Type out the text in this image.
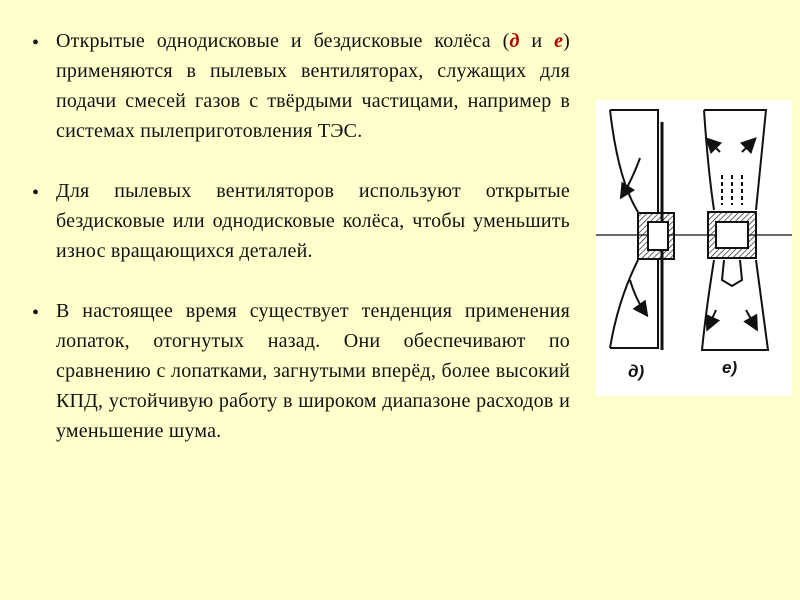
• Открытые однодисковые и бездисковые колёса (д и е) применяются в пылевых вентиляторах, служащих для подачи смесей газов с твёрдыми частицами, например в системах пылеприготовления ТЭС.

• Для пылевых вентиляторов используют открытые бездисковые или однодисковые колёса, чтобы уменьшить износ вращающихся деталей.

• В настоящее время существует тенденция применения лопаток, отогнутых назад. Они обеспечивают по сравнению с лопатками, загнутыми вперёд, более высокий КПД, устойчивую работу в широком диапазоне расходов и уменьшение шума.

д)	е)
